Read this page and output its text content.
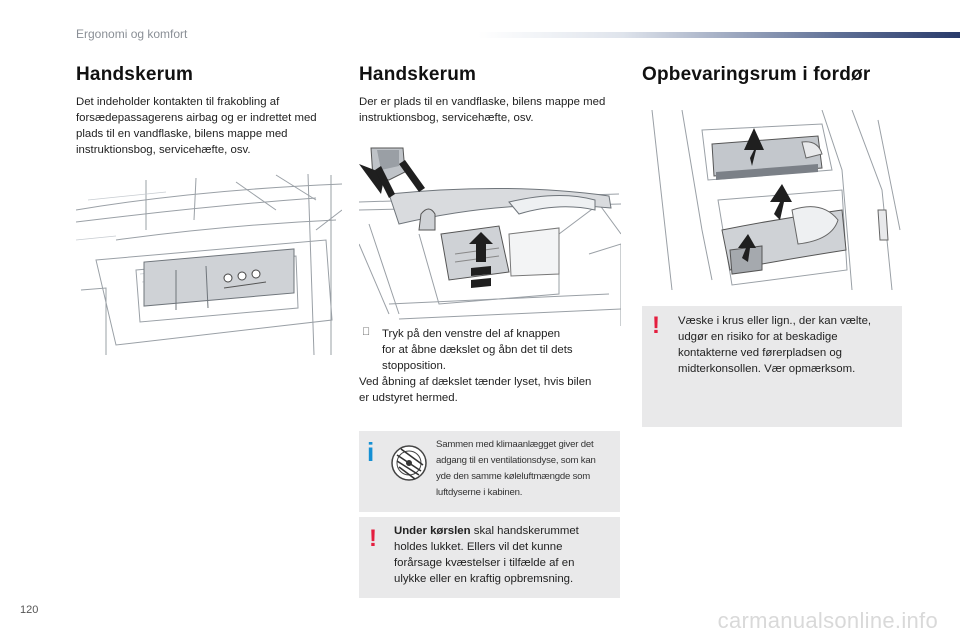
Ergonomi og komfort
Handskerum
Det indeholder kontakten til frakobling af forsædepassagerens airbag og er indrettet med plads til en vandflaske, bilens mappe med instruktionsbog, servicehæfte, osv.
Handskerum
Der er plads til en vandflaske, bilens mappe med instruktionsbog, servicehæfte, osv.
Tryk på den venstre del af knappen
for at åbne dækslet og åbn det til dets
stopposition.
Ved åbning af dækslet tænder lyset, hvis bilen
er udstyret hermed.
i	Sammen med klimaanlægget giver det
adgang til en ventilationsdyse, som kan
yde den samme køleluftmængde som
luftdyserne i kabinen.
! Under kørslen skal handskerummet
holdes lukket. Ellers vil det kunne
forårsage kvæstelser i tilfælde af en
ulykke eller en kraftig opbremsning.
Opbevaringsrum i fordør
! Væske i krus eller lign., der kan vælte,
udgør en risiko for at beskadige
kontakterne ved førerpladsen og
midterkonsollen. Vær opmærksom.
120	carmanualsonline.info
